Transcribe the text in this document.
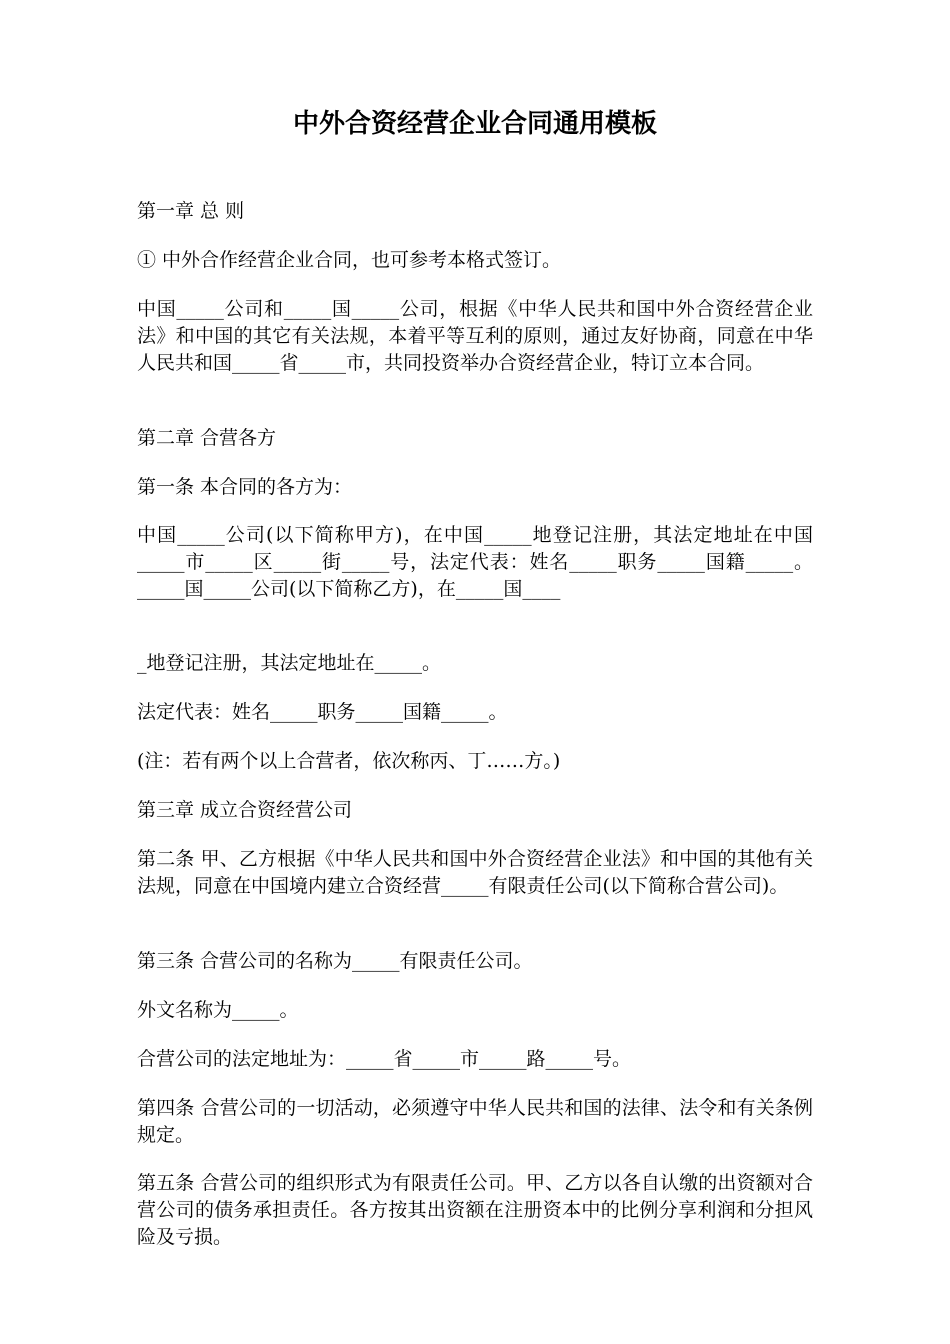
中外合资经营企业合同通用模板

第一章 总 则

① 中外合作经营企业合同，也可参考本格式签订。

中国_____公司和_____国_____公司，根据《中华人民共和国中外合资经营企业法》和中国的其它有关法规，本着平等互利的原则，通过友好协商，同意在中华人民共和国_____省_____市，共同投资举办合资经营企业，特订立本合同。

第二章 合营各方

第一条 本合同的各方为：

中国_____公司(以下简称甲方)，在中国_____地登记注册，其法定地址在中国_____市_____区_____街_____号，法定代表：姓名_____职务_____国籍_____。_____国_____公司(以下简称乙方)，在_____国____

_地登记注册，其法定地址在_____。

法定代表：姓名_____职务_____国籍_____。

(注：若有两个以上合营者，依次称丙、丁……方。)

第三章 成立合资经营公司

第二条 甲、乙方根据《中华人民共和国中外合资经营企业法》和中国的其他有关法规，同意在中国境内建立合资经营_____有限责任公司(以下简称合营公司)。

第三条 合营公司的名称为_____有限责任公司。

外文名称为_____。

合营公司的法定地址为：_____省_____市_____路_____号。

第四条 合营公司的一切活动，必须遵守中华人民共和国的法律、法令和有关条例规定。

第五条 合营公司的组织形式为有限责任公司。甲、乙方以各自认缴的出资额对合营公司的债务承担责任。各方按其出资额在注册资本中的比例分享利润和分担风险及亏损。
